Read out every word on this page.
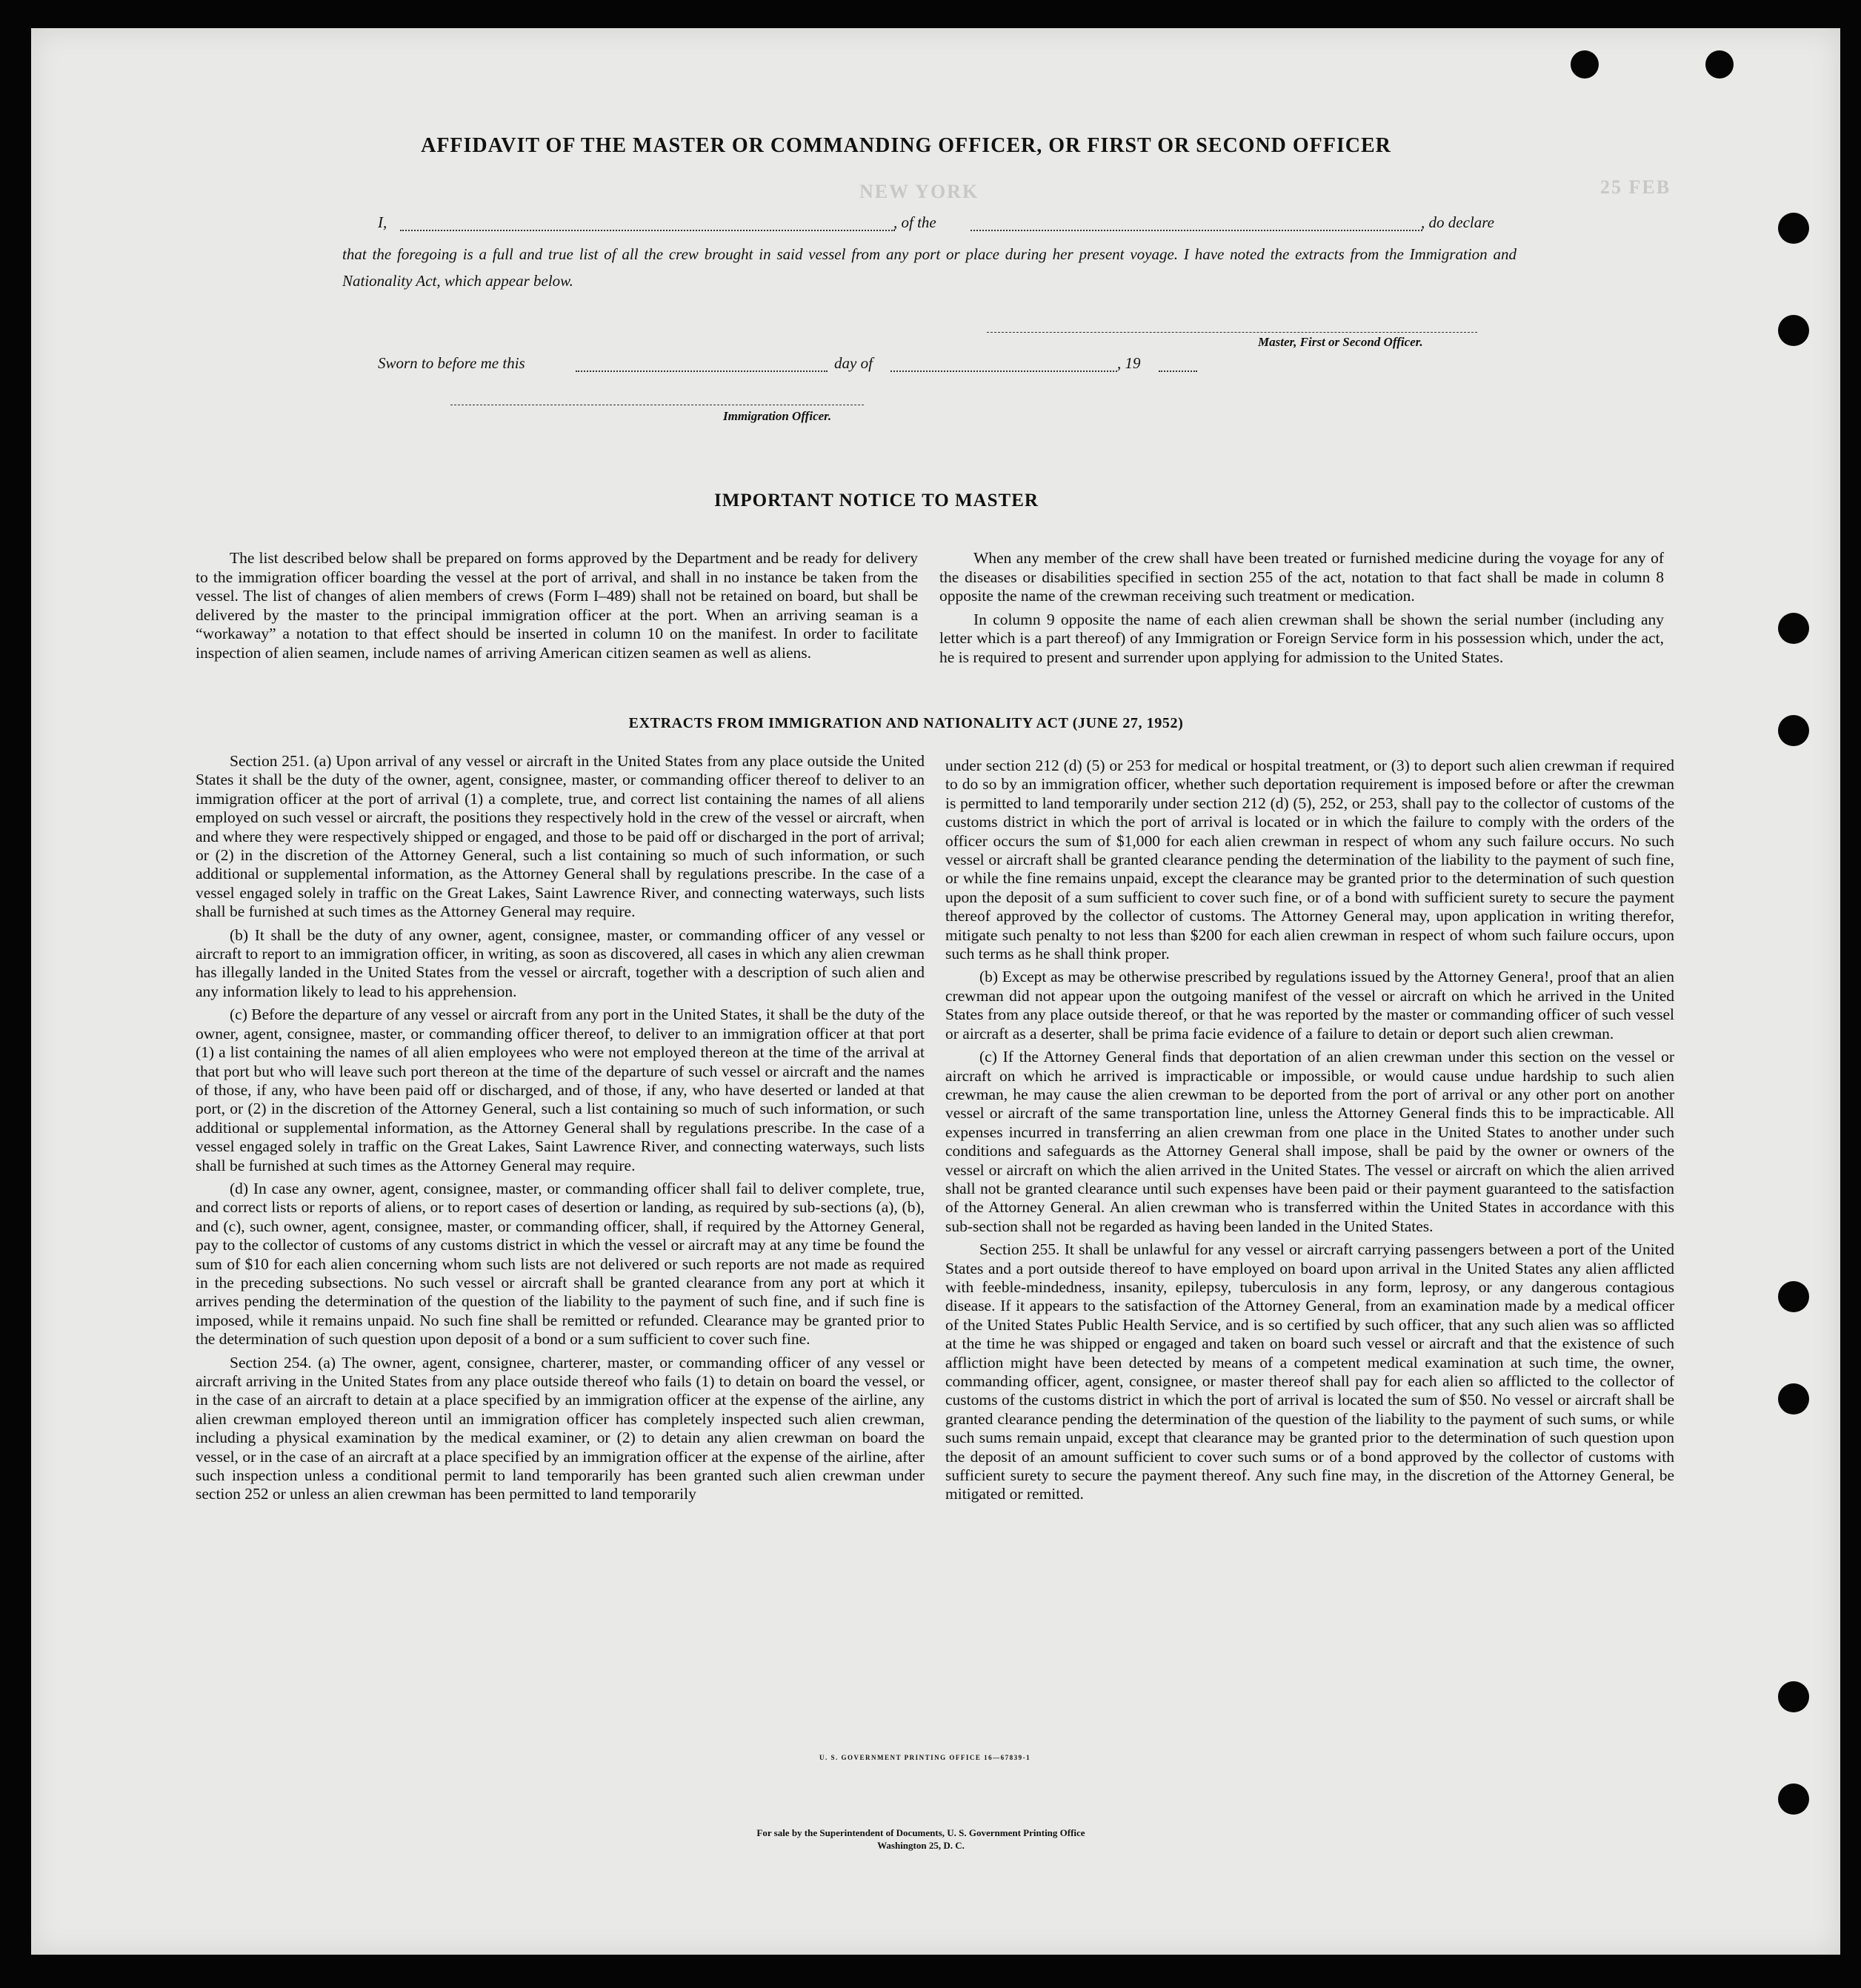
NEW YORK	25 FEB
AFFIDAVIT OF THE MASTER OR COMMANDING OFFICER, OR FIRST OR SECOND OFFICER
I,	, of the	, do declare
that the foregoing is a full and true list of all the crew brought in said vessel from any port or place during her present voyage. I have noted the extracts from the Immigration and Nationality Act, which appear below.
Master, First or Second Officer.
Sworn to before me this	day of	, 19
Immigration Officer.
IMPORTANT NOTICE TO MASTER

The list described below shall be prepared on forms approved by the Department and be ready for delivery to the immigration officer boarding the vessel at the port of arrival, and shall in no instance be taken from the vessel. The list of changes of alien members of crews (Form I–489) shall not be retained on board, but shall be delivered by the master to the principal immigration officer at the port. When an arriving seaman is a “workaway” a notation to that effect should be inserted in column 10 on the manifest. In order to facilitate inspection of alien seamen, include names of arriving American citizen seamen as well as aliens.

When any member of the crew shall have been treated or furnished medicine during the voyage for any of the diseases or disabilities specified in section 255 of the act, notation to that fact shall be made in column 8 opposite the name of the crewman receiving such treatment or medication.

In column 9 opposite the name of each alien crewman shall be shown the serial number (including any letter which is a part thereof) of any Immigration or Foreign Service form in his possession which, under the act, he is required to present and surrender upon applying for admission to the United States.

EXTRACTS FROM IMMIGRATION AND NATIONALITY ACT (JUNE 27, 1952)

Section 251. (a) Upon arrival of any vessel or aircraft in the United States from any place outside the United States it shall be the duty of the owner, agent, consignee, master, or commanding officer thereof to deliver to an immigration officer at the port of arrival (1) a complete, true, and correct list containing the names of all aliens employed on such vessel or aircraft, the positions they respectively hold in the crew of the vessel or aircraft, when and where they were respectively shipped or engaged, and those to be paid off or discharged in the port of arrival; or (2) in the discretion of the Attorney General, such a list containing so much of such information, or such additional or supplemental information, as the Attorney General shall by regulations prescribe. In the case of a vessel engaged solely in traffic on the Great Lakes, Saint Lawrence River, and connecting waterways, such lists shall be furnished at such times as the Attorney General may require.

(b) It shall be the duty of any owner, agent, consignee, master, or commanding officer of any vessel or aircraft to report to an immigration officer, in writing, as soon as discovered, all cases in which any alien crewman has illegally landed in the United States from the vessel or aircraft, together with a description of such alien and any information likely to lead to his apprehension.

(c) Before the departure of any vessel or aircraft from any port in the United States, it shall be the duty of the owner, agent, consignee, master, or commanding officer thereof, to deliver to an immigration officer at that port (1) a list containing the names of all alien employees who were not employed thereon at the time of the arrival at that port but who will leave such port thereon at the time of the departure of such vessel or aircraft and the names of those, if any, who have been paid off or discharged, and of those, if any, who have deserted or landed at that port, or (2) in the discretion of the Attorney General, such a list containing so much of such information, or such additional or supplemental information, as the Attorney General shall by regulations prescribe. In the case of a vessel engaged solely in traffic on the Great Lakes, Saint Lawrence River, and connecting waterways, such lists shall be furnished at such times as the Attorney General may require.

(d) In case any owner, agent, consignee, master, or commanding officer shall fail to deliver complete, true, and correct lists or reports of aliens, or to report cases of desertion or landing, as required by sub-sections (a), (b), and (c), such owner, agent, consignee, master, or commanding officer, shall, if required by the Attorney General, pay to the collector of customs of any customs district in which the vessel or aircraft may at any time be found the sum of $10 for each alien concerning whom such lists are not delivered or such reports are not made as required in the preceding subsections. No such vessel or aircraft shall be granted clearance from any port at which it arrives pending the determination of the question of the liability to the payment of such fine, and if such fine is imposed, while it remains unpaid. No such fine shall be remitted or refunded. Clearance may be granted prior to the determination of such question upon deposit of a bond or a sum sufficient to cover such fine.

Section 254. (a) The owner, agent, consignee, charterer, master, or commanding officer of any vessel or aircraft arriving in the United States from any place outside thereof who fails (1) to detain on board the vessel, or in the case of an aircraft to detain at a place specified by an immigration officer at the expense of the airline, any alien crewman employed thereon until an immigration officer has completely inspected such alien crewman, including a physical examination by the medical examiner, or (2) to detain any alien crewman on board the vessel, or in the case of an aircraft at a place specified by an immigration officer at the expense of the airline, after such inspection unless a conditional permit to land temporarily has been granted such alien crewman under section 252 or unless an alien crewman has been permitted to land temporarily

under section 212 (d) (5) or 253 for medical or hospital treatment, or (3) to deport such alien crewman if required to do so by an immigration officer, whether such deportation requirement is imposed before or after the crewman is permitted to land temporarily under section 212 (d) (5), 252, or 253, shall pay to the collector of customs of the customs district in which the port of arrival is located or in which the failure to comply with the orders of the officer occurs the sum of $1,000 for each alien crewman in respect of whom any such failure occurs. No such vessel or aircraft shall be granted clearance pending the determination of the liability to the payment of such fine, or while the fine remains unpaid, except the clearance may be granted prior to the determination of such question upon the deposit of a sum sufficient to cover such fine, or of a bond with sufficient surety to secure the payment thereof approved by the collector of customs. The Attorney General may, upon application in writing therefor, mitigate such penalty to not less than $200 for each alien crewman in respect of whom such failure occurs, upon such terms as he shall think proper.

(b) Except as may be otherwise prescribed by regulations issued by the Attorney Genera!, proof that an alien crewman did not appear upon the outgoing manifest of the vessel or aircraft on which he arrived in the United States from any place outside thereof, or that he was reported by the master or commanding officer of such vessel or aircraft as a deserter, shall be prima facie evidence of a failure to detain or deport such alien crewman.

(c) If the Attorney General finds that deportation of an alien crewman under this section on the vessel or aircraft on which he arrived is impracticable or impossible, or would cause undue hardship to such alien crewman, he may cause the alien crewman to be deported from the port of arrival or any other port on another vessel or aircraft of the same transportation line, unless the Attorney General finds this to be impracticable. All expenses incurred in transferring an alien crewman from one place in the United States to another under such conditions and safeguards as the Attorney General shall impose, shall be paid by the owner or owners of the vessel or aircraft on which the alien arrived in the United States. The vessel or aircraft on which the alien arrived shall not be granted clearance until such expenses have been paid or their payment guaranteed to the satisfaction of the Attorney General. An alien crewman who is transferred within the United States in accordance with this sub-section shall not be regarded as having been landed in the United States.

Section 255. It shall be unlawful for any vessel or aircraft carrying passengers between a port of the United States and a port outside thereof to have employed on board upon arrival in the United States any alien afflicted with feeble-mindedness, insanity, epilepsy, tuberculosis in any form, leprosy, or any dangerous contagious disease. If it appears to the satisfaction of the Attorney General, from an examination made by a medical officer of the United States Public Health Service, and is so certified by such officer, that any such alien was so afflicted at the time he was shipped or engaged and taken on board such vessel or aircraft and that the existence of such affliction might have been detected by means of a competent medical examination at such time, the owner, commanding officer, agent, consignee, or master thereof shall pay for each alien so afflicted to the collector of customs of the customs district in which the port of arrival is located the sum of $50. No vessel or aircraft shall be granted clearance pending the determination of the question of the liability to the payment of such sums, or while such sums remain unpaid, except that clearance may be granted prior to the determination of such question upon the deposit of an amount sufficient to cover such sums or of a bond approved by the collector of customs with sufficient surety to secure the payment thereof. Any such fine may, in the discretion of the Attorney General, be mitigated or remitted.

U. S. GOVERNMENT PRINTING OFFICE 16—67839-1
For sale by the Superintendent of Documents, U. S. Government Printing Office
Washington 25, D. C.
